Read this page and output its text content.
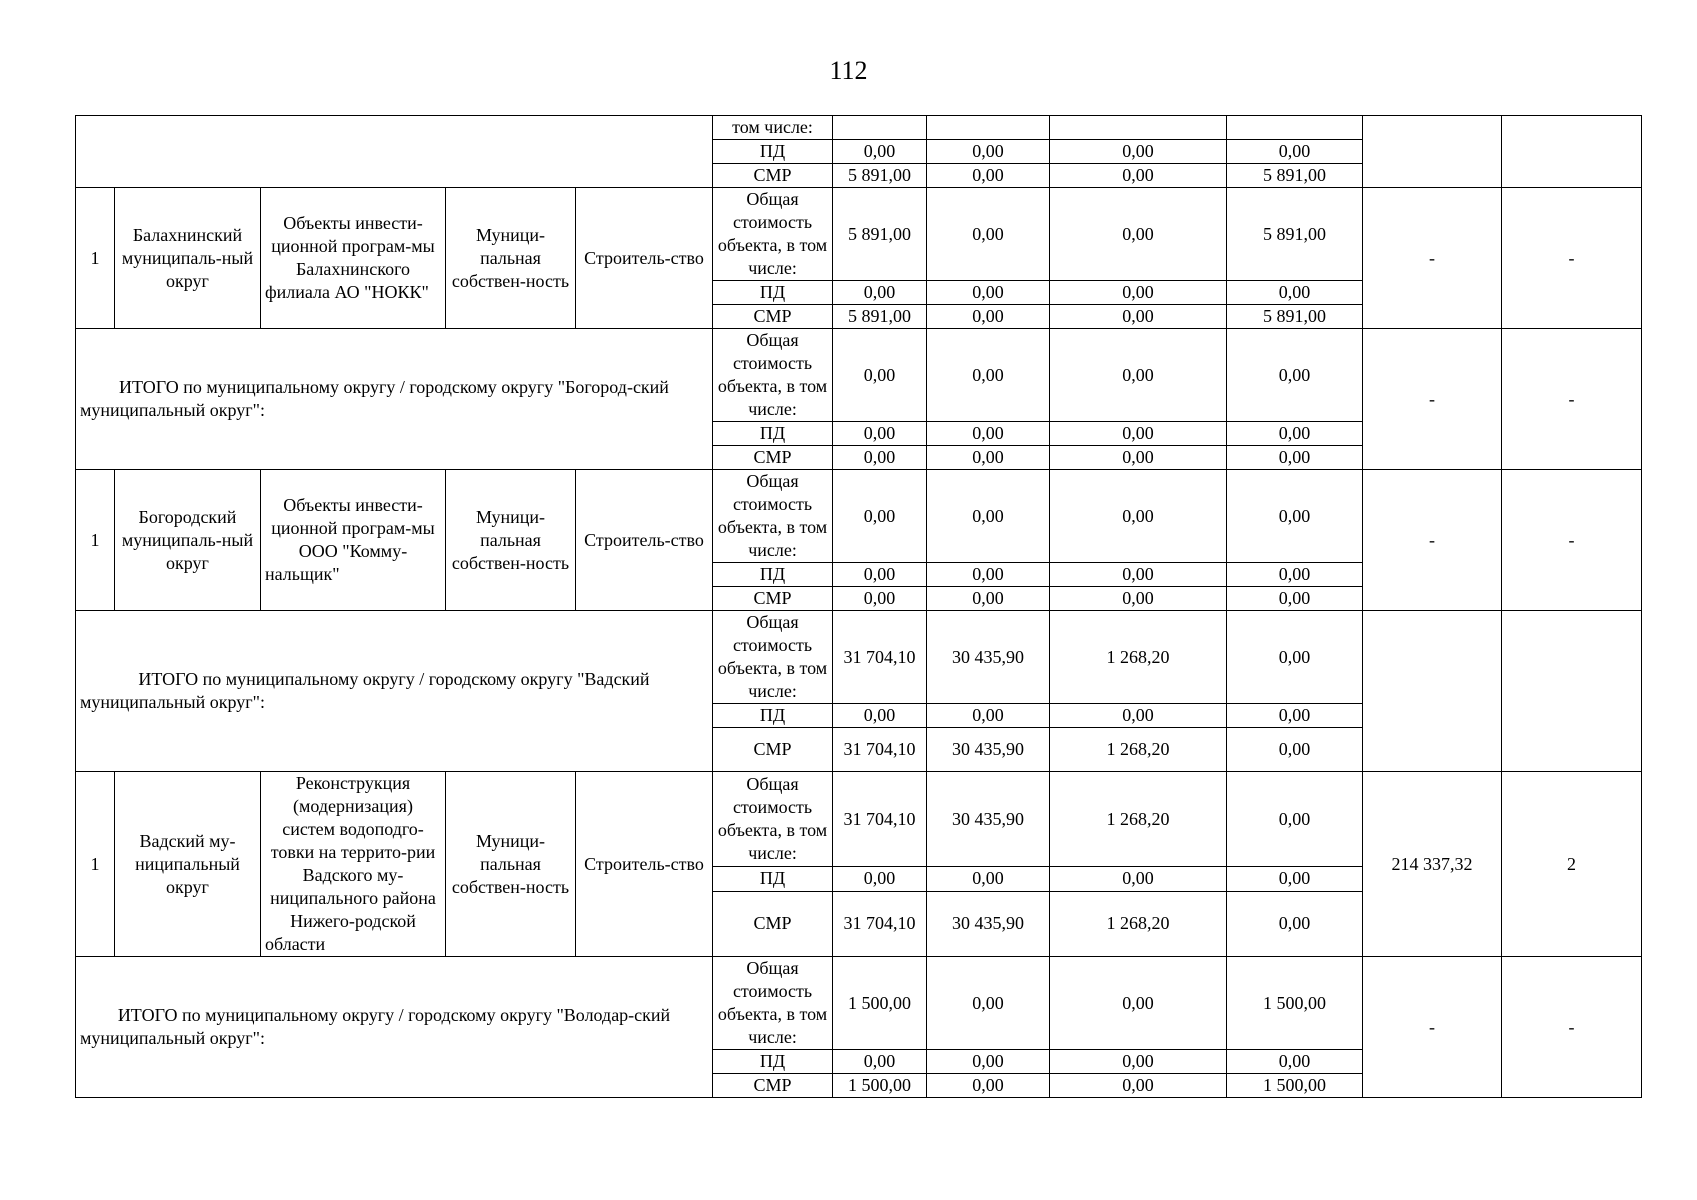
112
					том числе:						
					ПД	0,00	0,00	0,00	0,00		
					СМР	5 891,00	0,00	0,00	5 891,00		
1	Балахнинский муниципаль-ный округ	Объекты инвести-ционной програм-мы Балахнинского филиала АО "НОКК"	Муници-пальная собствен-ность	Строитель-ство	Общая стоимость объекта, в том числе:	5 891,00	0,00	0,00	5 891,00	-	-
					ПД	0,00	0,00	0,00	0,00		
					СМР	5 891,00	0,00	0,00	5 891,00		
ИТОГО по муниципальному округу / городскому округу "Богород-ский муниципальный округ":					Общая стоимость объекта, в том числе:	0,00	0,00	0,00	0,00	-	-
					ПД	0,00	0,00	0,00	0,00		
					СМР	0,00	0,00	0,00	0,00		
1	Богородский муниципаль-ный округ	Объекты инвести-ционной програм-мы ООО "Комму-нальщик"	Муници-пальная собствен-ность	Строитель-ство	Общая стоимость объекта, в том числе:	0,00	0,00	0,00	0,00	-	-
					ПД	0,00	0,00	0,00	0,00		
					СМР	0,00	0,00	0,00	0,00		
ИТОГО по муниципальному округу / городскому округу "Вадский муниципальный округ":					Общая стоимость объекта, в том числе:	31 704,10	30 435,90	1 268,20	0,00		
					ПД	0,00	0,00	0,00	0,00		
					СМР	31 704,10	30 435,90	1 268,20	0,00		
1	Вадский му-ниципальный округ	Реконструкция (модернизация) систем водоподго-товки на террито-рии Вадского му-ниципального района Нижего-родской области	Муници-пальная собствен-ность	Строитель-ство	Общая стоимость объекта, в том числе:	31 704,10	30 435,90	1 268,20	0,00	214 337,32	2
					ПД	0,00	0,00	0,00	0,00		
					СМР	31 704,10	30 435,90	1 268,20	0,00		
ИТОГО по муниципальному округу / городскому округу "Володар-ский муниципальный округ":					Общая стоимость объекта, в том числе:	1 500,00	0,00	0,00	1 500,00	-	-
					ПД	0,00	0,00	0,00	0,00		
					СМР	1 500,00	0,00	0,00	1 500,00		
